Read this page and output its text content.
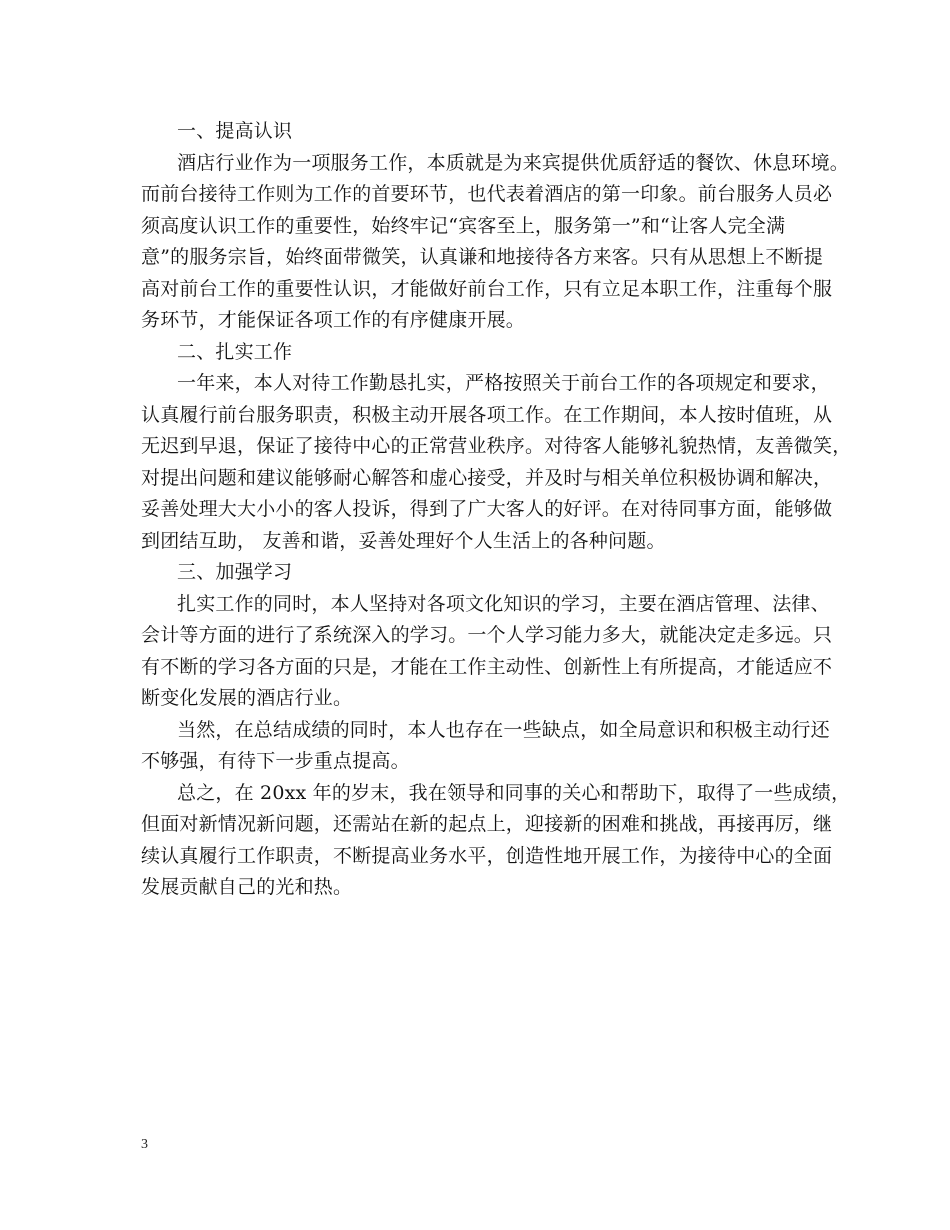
一、提高认识
酒店行业作为一项服务工作，本质就是为来宾提供优质舒适的餐饮、休息环境。
而前台接待工作则为工作的首要环节，也代表着酒店的第一印象。前台服务人员必
须高度认识工作的重要性，始终牢记“宾客至上，服务第一”和“让客人完全满
意”的服务宗旨，始终面带微笑，认真谦和地接待各方来客。只有从思想上不断提
高对前台工作的重要性认识，才能做好前台工作，只有立足本职工作，注重每个服
务环节，才能保证各项工作的有序健康开展。
二、扎实工作
一年来，本人对待工作勤恳扎实，严格按照关于前台工作的各项规定和要求，
认真履行前台服务职责，积极主动开展各项工作。在工作期间，本人按时值班，从
无迟到早退，保证了接待中心的正常营业秩序。对待客人能够礼貌热情，友善微笑，
对提出问题和建议能够耐心解答和虚心接受，并及时与相关单位积极协调和解决，
妥善处理大大小小的客人投诉，得到了广大客人的好评。在对待同事方面，能够做
到团结互助， 友善和谐，妥善处理好个人生活上的各种问题。
三、加强学习
扎实工作的同时，本人坚持对各项文化知识的学习，主要在酒店管理、法律、
会计等方面的进行了系统深入的学习。一个人学习能力多大，就能决定走多远。只
有不断的学习各方面的只是，才能在工作主动性、创新性上有所提高，才能适应不
断变化发展的酒店行业。
当然，在总结成绩的同时，本人也存在一些缺点，如全局意识和积极主动行还
不够强，有待下一步重点提高。
总之，在 20xx 年的岁末，我在领导和同事的关心和帮助下，取得了一些成绩，
但面对新情况新问题，还需站在新的起点上，迎接新的困难和挑战，再接再厉，继
续认真履行工作职责，不断提高业务水平，创造性地开展工作，为接待中心的全面
发展贡献自己的光和热。
3
